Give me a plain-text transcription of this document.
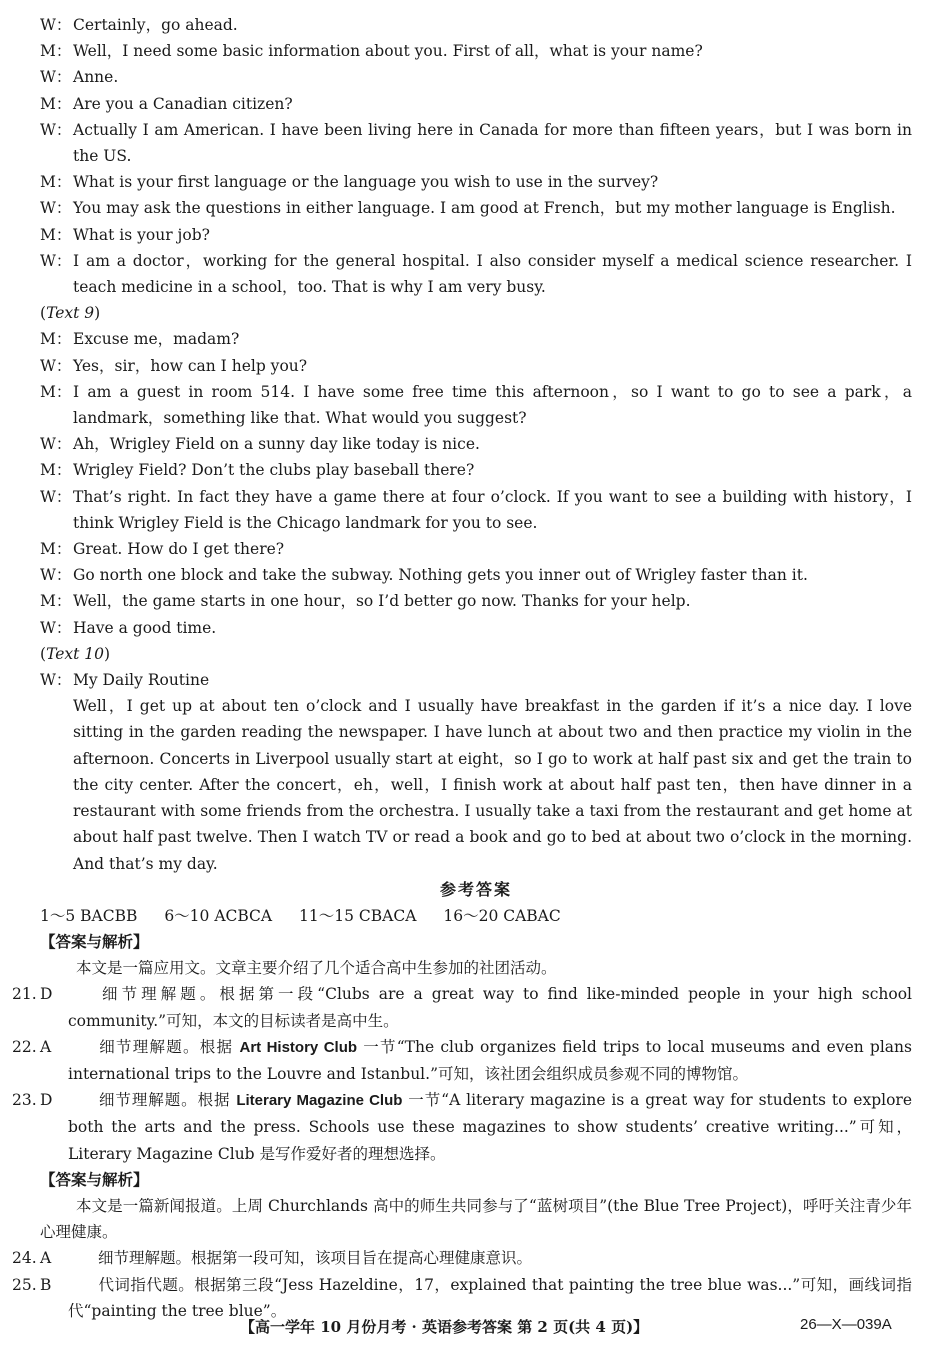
W： Certainly，go ahead.
M： Well，I need some basic information about you. First of all，what is your name?
W： Anne.
M： Are you a Canadian citizen?
W： Actually I am American. I have been living here in Canada for more than fifteen years，but I was born in the US.
M： What is your first language or the language you wish to use in the survey?
W： You may ask the questions in either language. I am good at French，but my mother language is English.
M： What is your job?
W： I am a doctor，working for the general hospital. I also consider myself a medical science researcher. I teach medicine in a school，too. That is why I am very busy.
(Text 9)
M： Excuse me，madam?
W： Yes，sir，how can I help you?
M： I am a guest in room 514. I have some free time this afternoon，so I want to go to see a park，a landmark，something like that. What would you suggest?
W： Ah，Wrigley Field on a sunny day like today is nice.
M： Wrigley Field? Don’t the clubs play baseball there?
W： That’s right. In fact they have a game there at four o’clock. If you want to see a building with history，I think Wrigley Field is the Chicago landmark for you to see.
M： Great. How do I get there?
W： Go north one block and take the subway. Nothing gets you inner out of Wrigley faster than it.
M： Well，the game starts in one hour，so I’d better go now. Thanks for your help.
W： Have a good time.
(Text 10)
W： My Daily Routine
Well，I get up at about ten o’clock and I usually have breakfast in the garden if it’s a nice day. I love sitting in the garden reading the newspaper. I have lunch at about two and then practice my violin in the afternoon. Concerts in Liverpool usually start at eight，so I go to work at half past six and get the train to the city center. After the concert，eh，well，I finish work at about half past ten，then have dinner in a restaurant with some friends from the orchestra. I usually take a taxi from the restaurant and get home at about half past twelve. Then I watch TV or read a book and go to bed at about two o’clock in the morning. And that’s my day.
参考答案
1～5 BACBB 6～10 ACBCA 11～15 CBACA 16～20 CABAC
【答案与解析】
本文是一篇应用文。文章主要介绍了几个适合高中生参加的社团活动。
21. D	细节理解题。根据第一段“Clubs are a great way to find like-minded people in your high school community.”可知，本文的目标读者是高中生。
22. A	细节理解题。根据 Art History Club 一节“The club organizes field trips to local museums and even plans international trips to the Louvre and Istanbul.”可知，该社团会组织成员参观不同的博物馆。
23. D	细节理解题。根据 Literary Magazine Club 一节“A literary magazine is a great way for students to explore both the arts and the press. Schools use these magazines to show students’ creative writing...”可知，Literary Magazine Club 是写作爱好者的理想选择。
【答案与解析】
本文是一篇新闻报道。上周 Churchlands 高中的师生共同参与了“蓝树项目”(the Blue Tree Project)，呼吁关注青少年心理健康。
24. A	细节理解题。根据第一段可知，该项目旨在提高心理健康意识。
25. B	代词指代题。根据第三段“Jess Hazeldine，17，explained that painting the tree blue was...”可知，画线词指代“painting the tree blue”。
【高一学年 10 月份月考 · 英语参考答案 第 2 页(共 4 页)】	26—X—039A
